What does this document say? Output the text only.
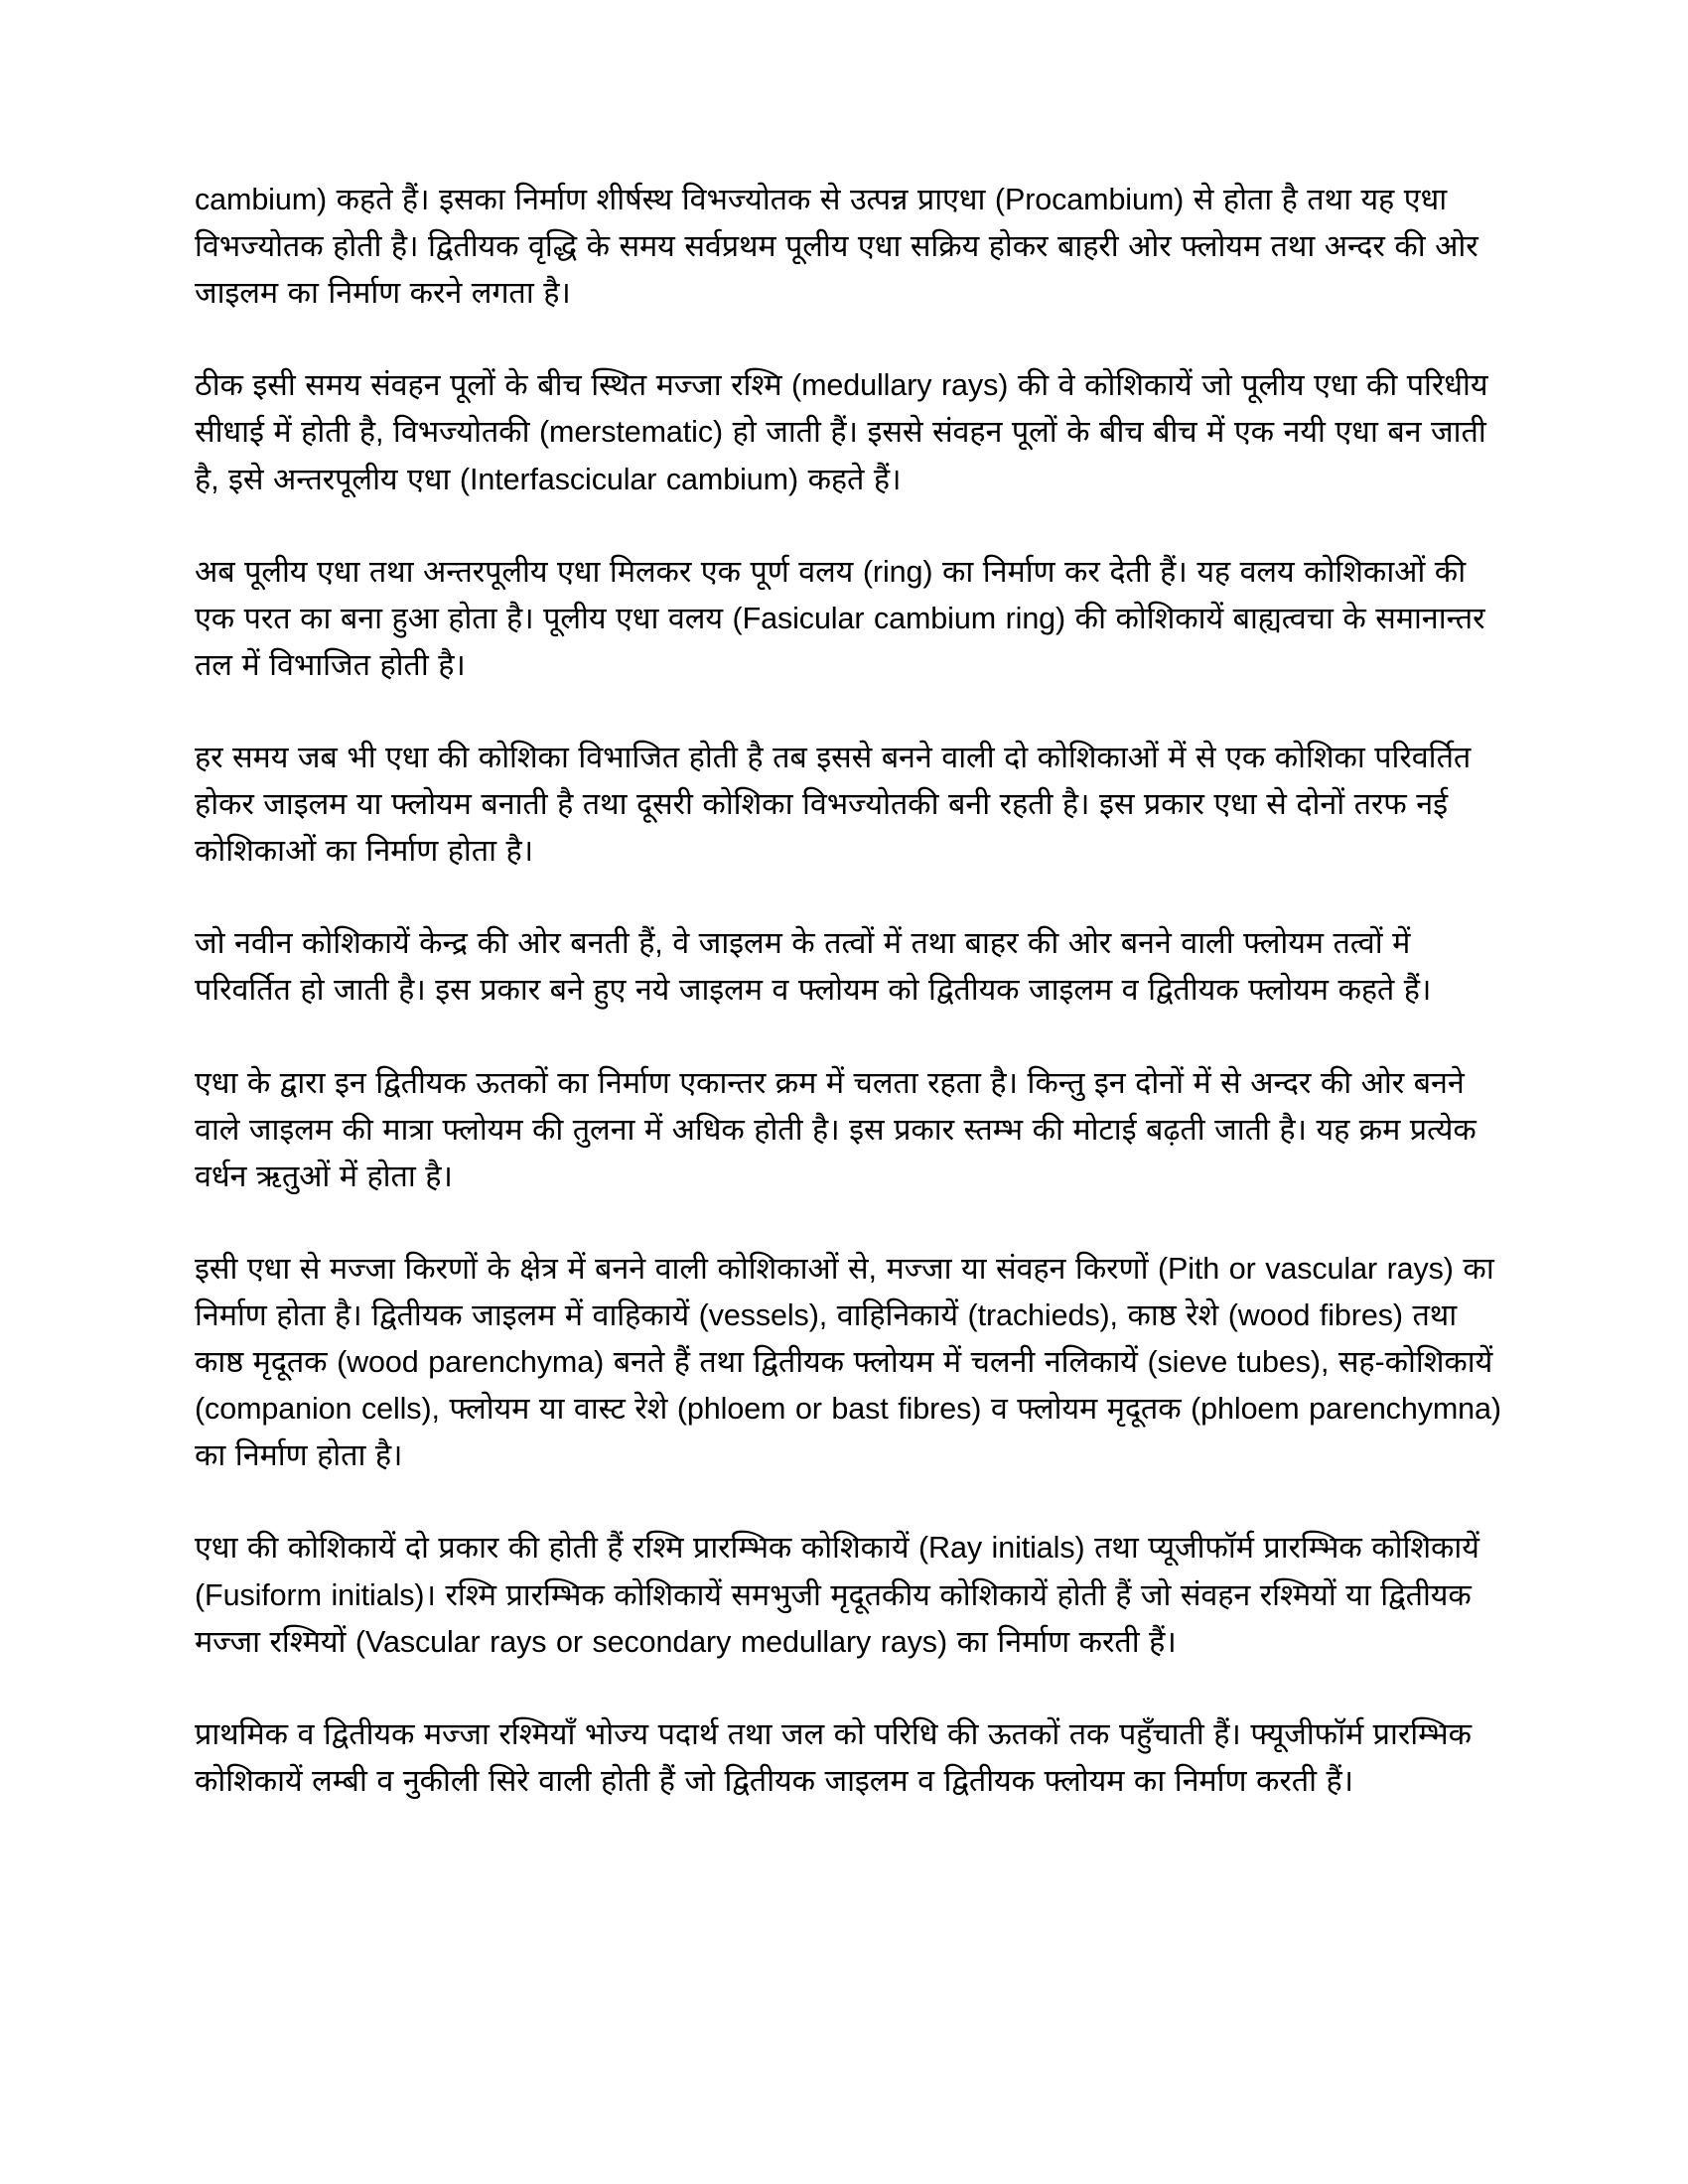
cambium) कहते हैं। इसका निर्माण शीर्षस्थ विभज्योतक से उत्पन्न प्राएधा (Procambium) से होता है तथा यह एधा विभज्योतक होती है। द्वितीयक वृद्धि के समय सर्वप्रथम पूलीय एधा सक्रिय होकर बाहरी ओर फ्लोयम तथा अन्दर की ओर जाइलम का निर्माण करने लगता है।

ठीक इसी समय संवहन पूलों के बीच स्थित मज्जा रश्मि (medullary rays) की वे कोशिकायें जो पूलीय एधा की परिधीय सीधाई में होती है, विभज्योतकी (merstematic) हो जाती हैं। इससे संवहन पूलों के बीच बीच में एक नयी एधा बन जाती है, इसे अन्तरपूलीय एधा (Interfascicular cambium) कहते हैं।

अब पूलीय एधा तथा अन्तरपूलीय एधा मिलकर एक पूर्ण वलय (ring) का निर्माण कर देती हैं। यह वलय कोशिकाओं की एक परत का बना हुआ होता है। पूलीय एधा वलय (Fasicular cambium ring) की कोशिकायें बाह्यत्वचा के समानान्तर तल में विभाजित होती है।

हर समय जब भी एधा की कोशिका विभाजित होती है तब इससे बनने वाली दो कोशिकाओं में से एक कोशिका परिवर्तित होकर जाइलम या फ्लोयम बनाती है तथा दूसरी कोशिका विभज्योतकी बनी रहती है। इस प्रकार एधा से दोनों तरफ नई कोशिकाओं का निर्माण होता है।

जो नवीन कोशिकायें केन्द्र की ओर बनती हैं, वे जाइलम के तत्वों में तथा बाहर की ओर बनने वाली फ्लोयम तत्वों में परिवर्तित हो जाती है। इस प्रकार बने हुए नये जाइलम व फ्लोयम को द्वितीयक जाइलम व द्वितीयक फ्लोयम कहते हैं।

एधा के द्वारा इन द्वितीयक ऊतकों का निर्माण एकान्तर क्रम में चलता रहता है। किन्तु इन दोनों में से अन्दर की ओर बनने वाले जाइलम की मात्रा फ्लोयम की तुलना में अधिक होती है। इस प्रकार स्तम्भ की मोटाई बढ़ती जाती है। यह क्रम प्रत्येक वर्धन ऋतुओं में होता है।

इसी एधा से मज्जा किरणों के क्षेत्र में बनने वाली कोशिकाओं से, मज्जा या संवहन किरणों (Pith or vascular rays) का निर्माण होता है। द्वितीयक जाइलम में वाहिकायें (vessels), वाहिनिकायें (trachieds), काष्ठ रेशे (wood fibres) तथा काष्ठ मृदूतक (wood parenchyma) बनते हैं तथा द्वितीयक फ्लोयम में चलनी नलिकायें (sieve tubes), सह-कोशिकायें (companion cells), फ्लोयम या वास्ट रेशे (phloem or bast fibres) व फ्लोयम मृदूतक (phloem parenchymna) का निर्माण होता है।

एधा की कोशिकायें दो प्रकार की होती हैं रश्मि प्रारम्भिक कोशिकायें (Ray initials) तथा प्यूजीफॉर्म प्रारम्भिक कोशिकायें (Fusiform initials)। रश्मि प्रारम्भिक कोशिकायें समभुजी मृदूतकीय कोशिकायें होती हैं जो संवहन रश्मियों या द्वितीयक मज्जा रश्मियों (Vascular rays or secondary medullary rays) का निर्माण करती हैं।

प्राथमिक व द्वितीयक मज्जा रश्मियाँ भोज्य पदार्थ तथा जल को परिधि की ऊतकों तक पहुँचाती हैं। फ्यूजीफॉर्म प्रारम्भिक कोशिकायें लम्बी व नुकीली सिरे वाली होती हैं जो द्वितीयक जाइलम व द्वितीयक फ्लोयम का निर्माण करती हैं।
